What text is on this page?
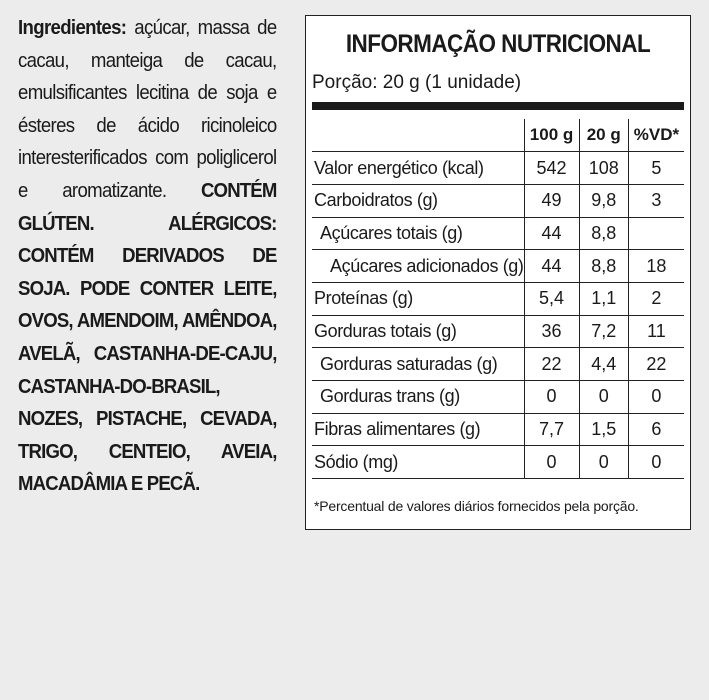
Ingredientes: açúcar, massa de cacau, manteiga de cacau, emulsificantes lecitina de soja e ésteres de ácido ricinoleico interesterificados com poliglicerol e aromatizante. CONTÉM GLÚTEN. ALÉRGICOS: CONTÉM DERIVADOS DE SOJA. PODE CONTER LEITE, OVOS, AMENDOIM, AMÊNDOA, AVELÃ, CASTANHA-DE-CAJU, CASTANHA-DO-BRASIL, NOZES, PISTACHE, CEVADA, TRIGO, CENTEIO, AVEIA, MACADÂMIA E PECÃ.
INFORMAÇÃO NUTRICIONAL
Porção: 20 g (1 unidade)
	100 g	20 g	%VD*
Valor energético (kcal)	542	108	5
Carboidratos (g)	49	9,8	3
Açúcares totais (g)	44	8,8	
Açúcares adicionados (g)	44	8,8	18
Proteínas (g)	5,4	1,1	2
Gorduras totais (g)	36	7,2	11
Gorduras saturadas (g)	22	4,4	22
Gorduras trans (g)	0	0	0
Fibras alimentares (g)	7,7	1,5	6
Sódio (mg)	0	0	0
*Percentual de valores diários fornecidos pela porção.
